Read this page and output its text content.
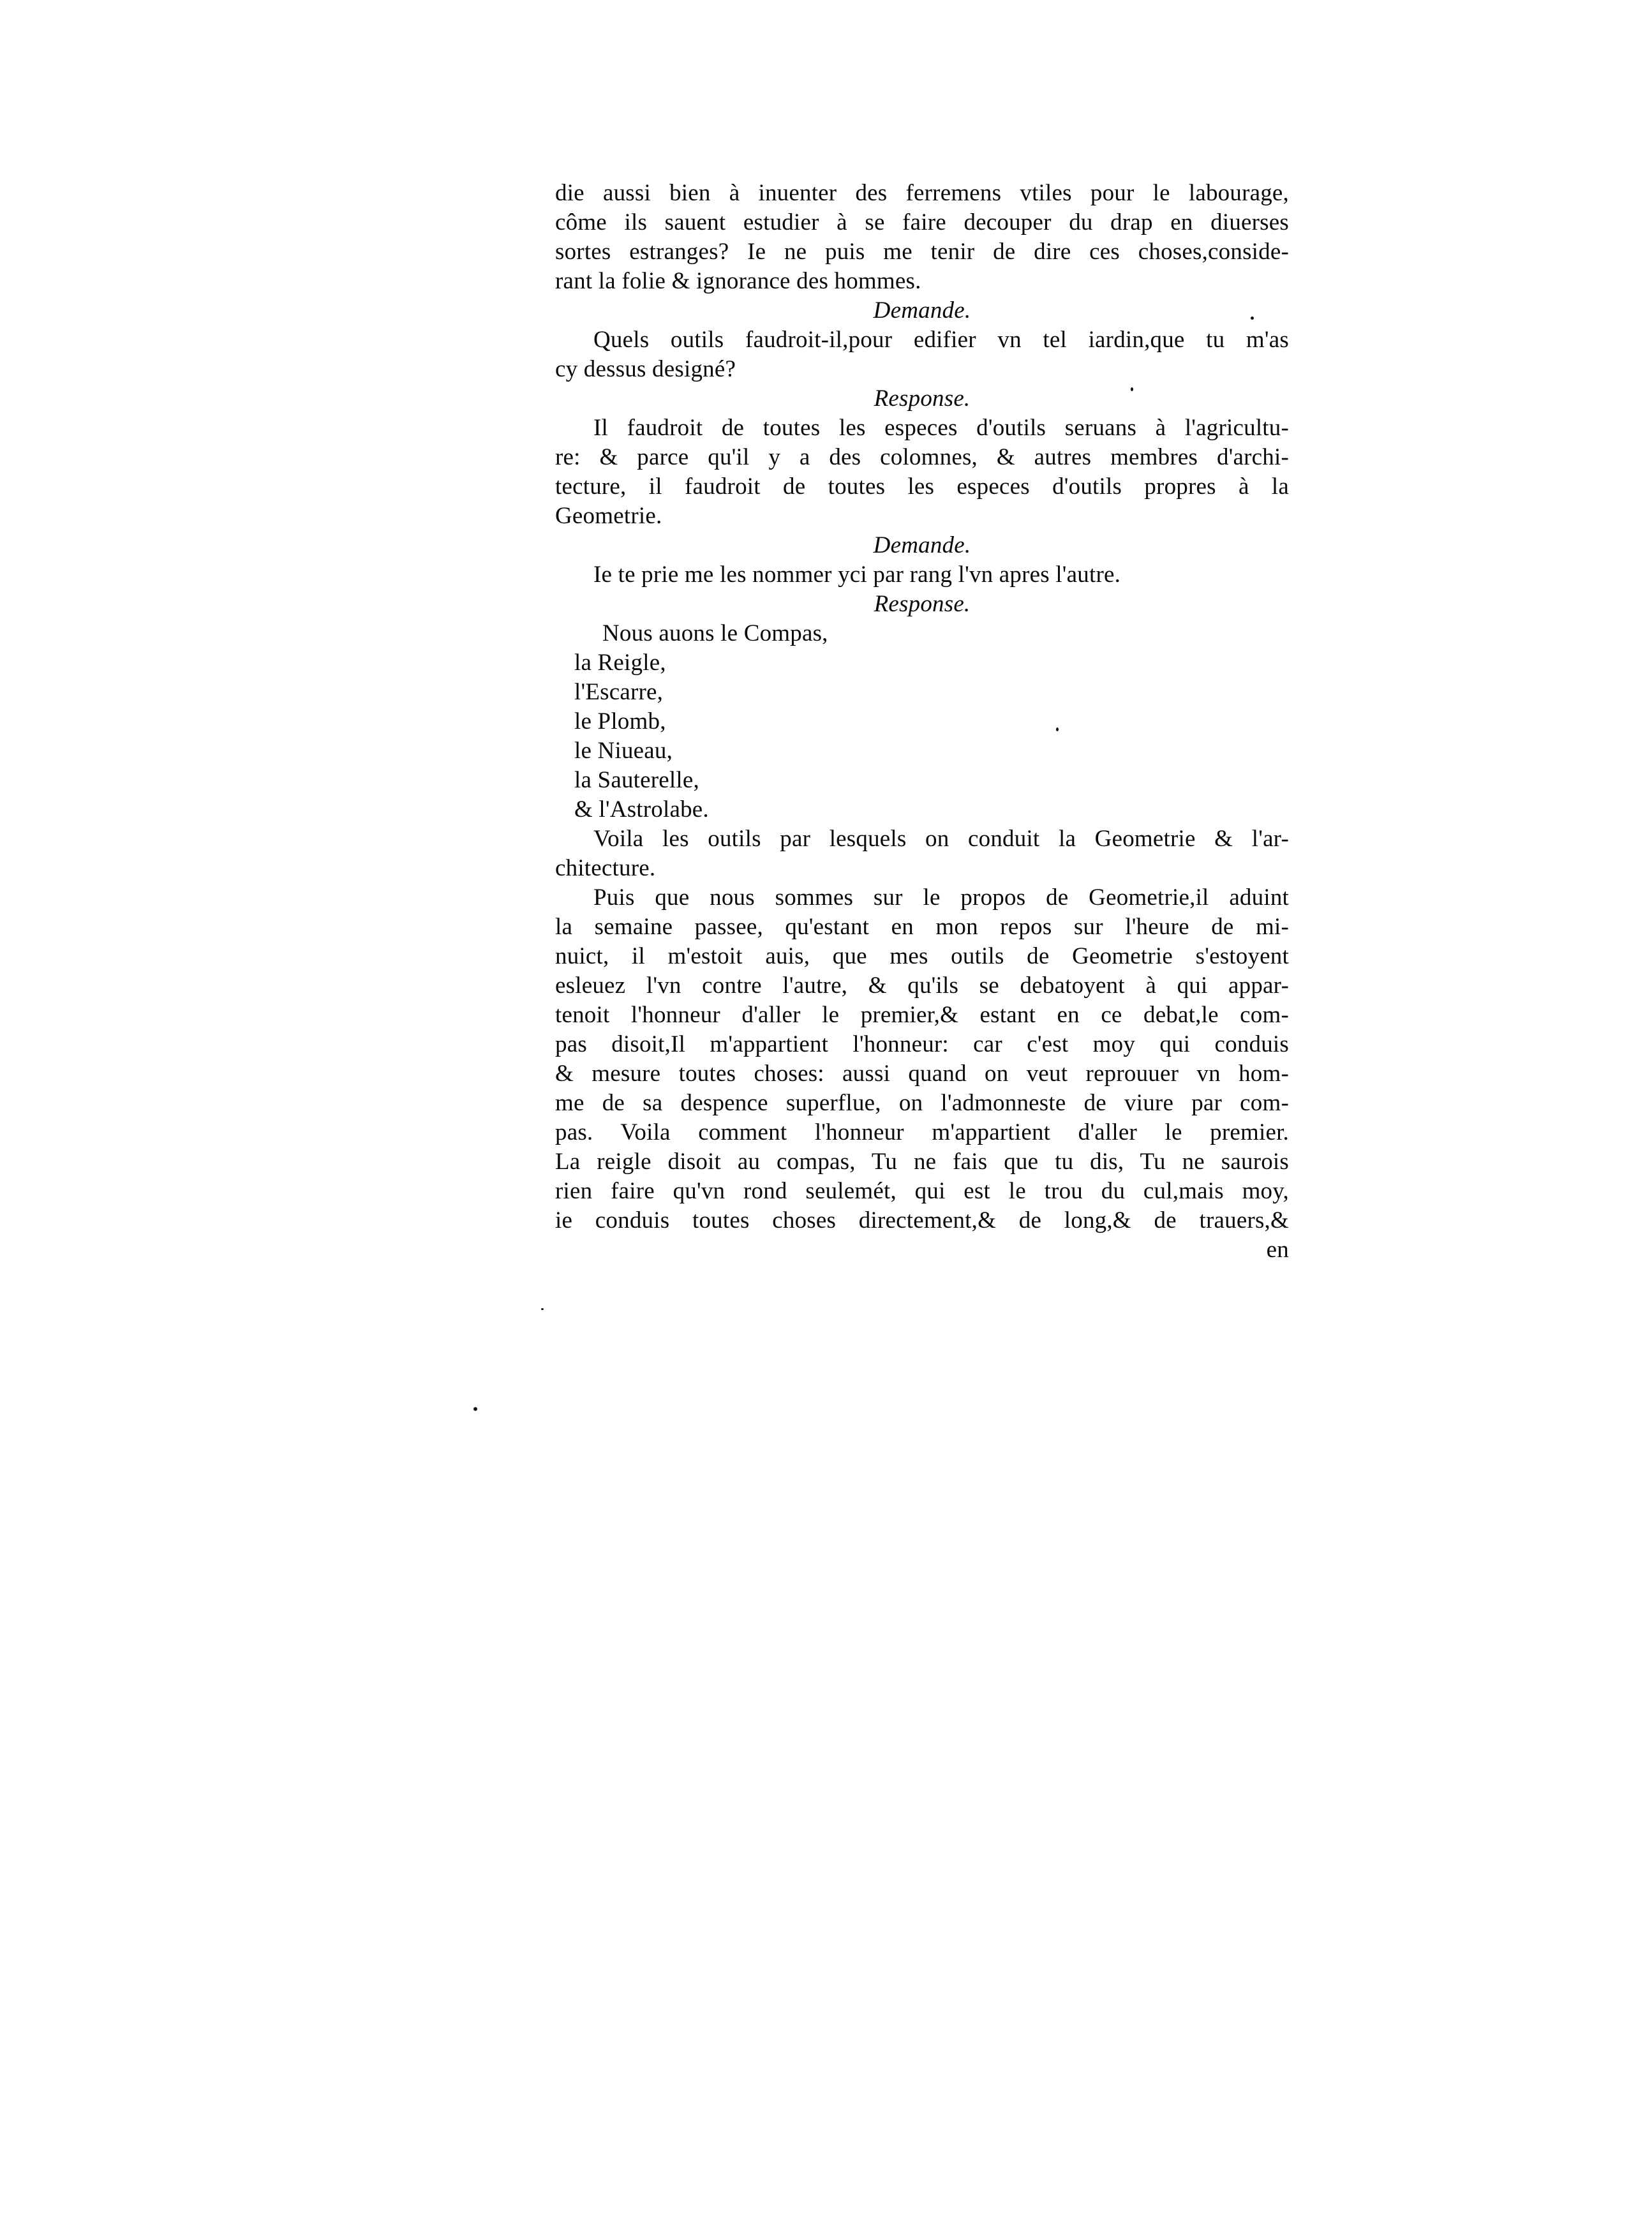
die aussi bien à inuenter des ferremens vtiles pour le labourage,
côme ils sauent estudier à se faire decouper du drap en diuerses
sortes estranges? Ie ne puis me tenir de dire ces choses,conside-
rant la folie & ignorance des hommes.
Demande.
Quels outils faudroit-il,pour edifier vn tel iardin,que tu m'as
cy dessus designé?
Response.
Il faudroit de toutes les especes d'outils seruans à l'agricultu-
re: & parce qu'il y a des colomnes, & autres membres d'archi-
tecture, il faudroit de toutes les especes d'outils propres à la
Geometrie.
Demande.
Ie te prie me les nommer yci par rang l'vn apres l'autre.
Response.
Nous auons le Compas,
la Reigle,
l'Escarre,
le Plomb,
le Niueau,
la Sauterelle,
& l'Astrolabe.
Voila les outils par lesquels on conduit la Geometrie & l'ar-
chitecture.
Puis que nous sommes sur le propos de Geometrie,il aduint
la semaine passee, qu'estant en mon repos sur l'heure de mi-
nuict, il m'estoit auis, que mes outils de Geometrie s'estoyent
esleuez l'vn contre l'autre, & qu'ils se debatoyent à qui appar-
tenoit l'honneur d'aller le premier,& estant en ce debat,le com-
pas disoit,Il m'appartient l'honneur: car c'est moy qui conduis
& mesure toutes choses: aussi quand on veut reprouuer vn hom-
me de sa despence superflue, on l'admonneste de viure par com-
pas. Voila comment l'honneur m'appartient d'aller le premier.
La reigle disoit au compas, Tu ne fais que tu dis, Tu ne saurois
rien faire qu'vn rond seulemét, qui est le trou du cul,mais moy,
ie conduis toutes choses directement,& de long,& de trauers,&
en
